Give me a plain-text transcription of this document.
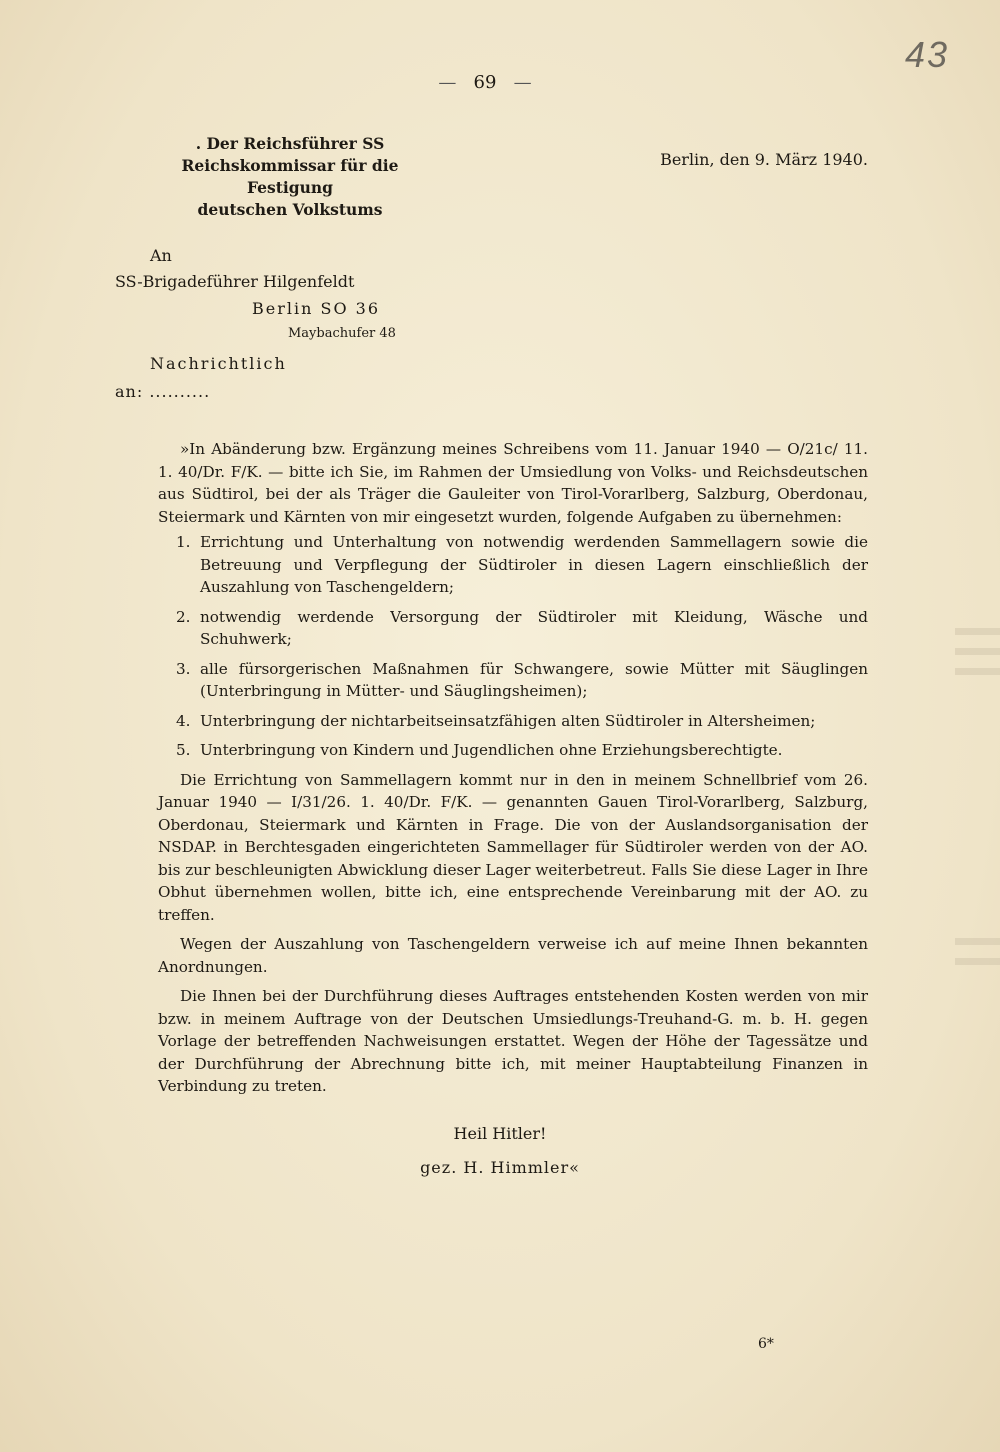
43
— 69 —
. Der Reichsführer SS
Reichskommissar für die Festigung
deutschen Volkstums
Berlin, den 9. März 1940.
An
SS-Brigadeführer Hilgenfeldt
Berlin SO 36
Maybachufer 48
Nachrichtlich
an: ..........

»In Abänderung bzw. Ergänzung meines Schreibens vom 11. Januar 1940 — O/21c/ 11. 1. 40/Dr. F/K. — bitte ich Sie, im Rahmen der Umsiedlung von Volks- und Reichsdeutschen aus Südtirol, bei der als Träger die Gauleiter von Tirol-Vorarlberg, Salzburg, Oberdonau, Steiermark und Kärnten von mir eingesetzt wurden, folgende Aufgaben zu übernehmen:

1. Errichtung und Unterhaltung von notwendig werdenden Sammellagern sowie die Betreuung und Verpflegung der Südtiroler in diesen Lagern einschließlich der Auszahlung von Taschengeldern;
2. notwendig werdende Versorgung der Südtiroler mit Kleidung, Wäsche und Schuhwerk;
3. alle fürsorgerischen Maßnahmen für Schwangere, sowie Mütter mit Säuglingen (Unterbringung in Mütter- und Säuglingsheimen);
4. Unterbringung der nichtarbeitseinsatzfähigen alten Südtiroler in Altersheimen;
5. Unterbringung von Kindern und Jugendlichen ohne Erziehungsberechtigte.

Die Errichtung von Sammellagern kommt nur in den in meinem Schnellbrief vom 26. Januar 1940 — I/31/26. 1. 40/Dr. F/K. — genannten Gauen Tirol-Vorarlberg, Salzburg, Oberdonau, Steiermark und Kärnten in Frage. Die von der Auslandsorganisation der NSDAP. in Berchtesgaden eingerichteten Sammellager für Südtiroler werden von der AO. bis zur beschleunigten Abwicklung dieser Lager weiterbetreut. Falls Sie diese Lager in Ihre Obhut übernehmen wollen, bitte ich, eine entsprechende Vereinbarung mit der AO. zu treffen.

Wegen der Auszahlung von Taschengeldern verweise ich auf meine Ihnen bekannten Anordnungen.

Die Ihnen bei der Durchführung dieses Auftrages entstehenden Kosten werden von mir bzw. in meinem Auftrage von der Deutschen Umsiedlungs-Treuhand-G. m. b. H. gegen Vorlage der betreffenden Nachweisungen erstattet. Wegen der Höhe der Tagessätze und der Durchführung der Abrechnung bitte ich, mit meiner Hauptabteilung Finanzen in Verbindung zu treten.

Heil Hitler!
gez. H. Himmler«
6*
